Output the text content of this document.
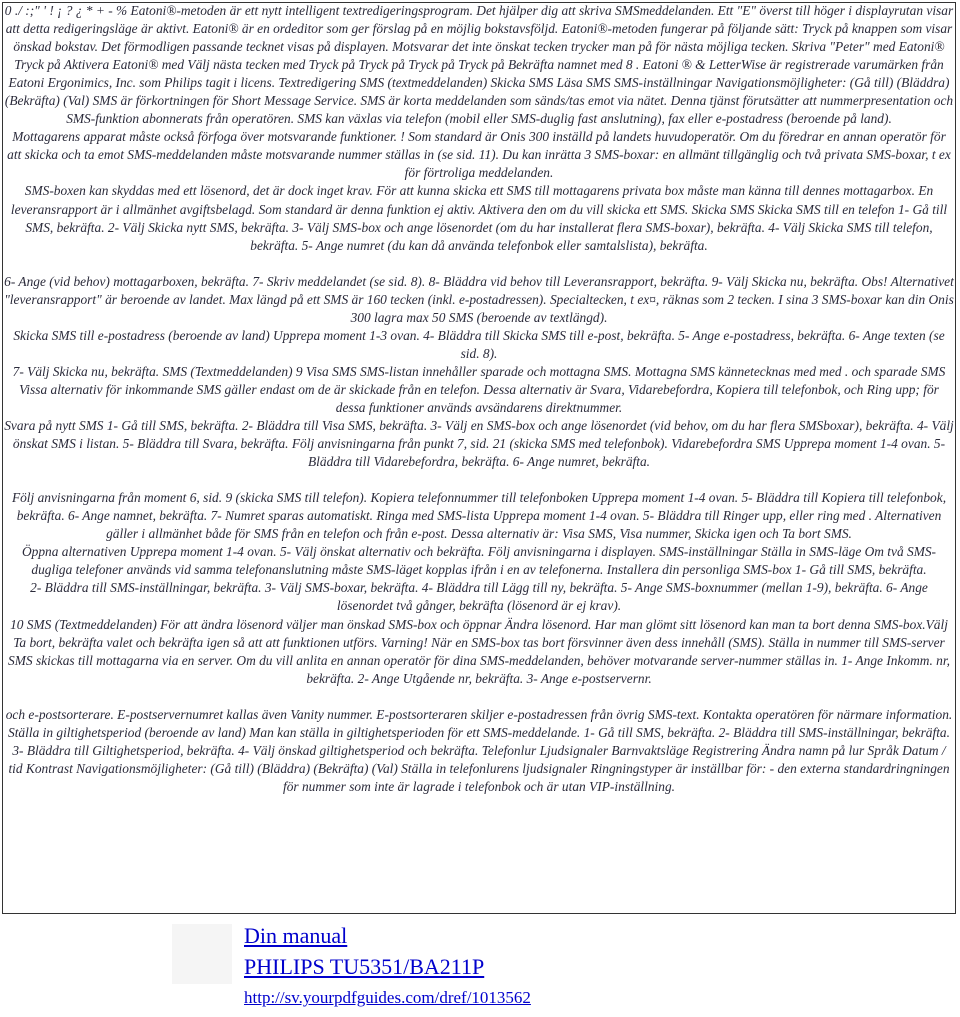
0 ./ :;" ' ! ¡ ? ¿ * + - % Eatoni®-metoden är ett nytt intelligent textredigeringsprogram. Det hjälper dig att skriva SMSmeddelanden. Ett "E" överst till höger i displayrutan visar att detta redigeringsläge är aktivt. Eatoni® är en ordeditor som ger förslag på en möjlig bokstavsföljd. Eatoni®-metoden fungerar på följande sätt: Tryck på knappen som visar önskad bokstav. Det förmodligen passande tecknet visas på displayen. Motsvarar det inte önskat tecken trycker man på för nästa möjliga tecken. Skriva "Peter" med Eatoni® Tryck på Aktivera Eatoni® med Välj nästa tecken med Tryck på Tryck på Tryck på Tryck på Bekräfta namnet med 8 . Eatoni ® & LetterWise är registrerade varumärken från Eatoni Ergonimics, Inc. som Philips tagit i licens. Textredigering SMS (textmeddelanden) Skicka SMS Läsa SMS SMS-inställningar Navigationsmöjligheter: (Gå till) (Bläddra) (Bekräfta) (Val) SMS är förkortningen för Short Message Service. SMS är korta meddelanden som sänds/tas emot via nätet. Denna tjänst förutsätter att nummerpresentation och SMS-funktion abonnerats från operatören. SMS kan växlas via telefon (mobil eller SMS-duglig fast anslutning), fax eller e-postadress (beroende på land).

Mottagarens apparat måste också förfoga över motsvarande funktioner. ! Som standard är Onis 300 inställd på landets huvudoperatör. Om du föredrar en annan operatör för att skicka och ta emot SMS-meddelanden måste motsvarande nummer ställas in (se sid. 11). Du kan inrätta 3 SMS-boxar: en allmänt tillgänglig och två privata SMS-boxar, t ex för förtroliga meddelanden.

SMS-boxen kan skyddas med ett lösenord, det är dock inget krav. För att kunna skicka ett SMS till mottagarens privata box måste man känna till dennes mottagarbox. En leveransrapport är i allmänhet avgiftsbelagd. Som standard är denna funktion ej aktiv. Aktivera den om du vill skicka ett SMS. Skicka SMS Skicka SMS till en telefon 1- Gå till SMS, bekräfta. 2- Välj Skicka nytt SMS, bekräfta. 3- Välj SMS-box och ange lösenordet (om du har installerat flera SMS-boxar), bekräfta. 4- Välj Skicka SMS till telefon, bekräfta. 5- Ange numret (du kan då använda telefonbok eller samtalslista), bekräfta.

6- Ange (vid behov) mottagarboxen, bekräfta. 7- Skriv meddelandet (se sid. 8). 8- Bläddra vid behov till Leveransrapport, bekräfta. 9- Välj Skicka nu, bekräfta. Obs! Alternativet "leveransrapport" är beroende av landet. Max längd på ett SMS är 160 tecken (inkl. e-postadressen). Specialtecken, t ex¤, räknas som 2 tecken. I sina 3 SMS-boxar kan din Onis 300 lagra max 50 SMS (beroende av textlängd).

Skicka SMS till e-postadress (beroende av land) Upprepa moment 1-3 ovan. 4- Bläddra till Skicka SMS till e-post, bekräfta. 5- Ange e-postadress, bekräfta. 6- Ange texten (se sid. 8).

7- Välj Skicka nu, bekräfta. SMS (Textmeddelanden) 9 Visa SMS SMS-listan innehåller sparade och mottagna SMS. Mottagna SMS kännetecknas med med . och sparade SMS Vissa alternativ för inkommande SMS gäller endast om de är skickade från en telefon. Dessa alternativ är Svara, Vidarebefordra, Kopiera till telefonbok, och Ring upp; för dessa funktioner används avsändarens direktnummer.

Svara på nytt SMS 1- Gå till SMS, bekräfta. 2- Bläddra till Visa SMS, bekräfta. 3- Välj en SMS-box och ange lösenordet (vid behov, om du har flera SMSboxar), bekräfta. 4- Välj önskat SMS i listan. 5- Bläddra till Svara, bekräfta. Följ anvisningarna från punkt 7, sid. 21 (skicka SMS med telefonbok). Vidarebefordra SMS Upprepa moment 1-4 ovan. 5- Bläddra till Vidarebefordra, bekräfta. 6- Ange numret, bekräfta.

Följ anvisningarna från moment 6, sid. 9 (skicka SMS till telefon). Kopiera telefonnummer till telefonboken Upprepa moment 1-4 ovan. 5- Bläddra till Kopiera till telefonbok, bekräfta. 6- Ange namnet, bekräfta. 7- Numret sparas automatiskt. Ringa med SMS-lista Upprepa moment 1-4 ovan. 5- Bläddra till Ringer upp, eller ring med . Alternativen gäller i allmänhet både för SMS från en telefon och från e-post. Dessa alternativ är: Visa SMS, Visa nummer, Skicka igen och Ta bort SMS.

Öppna alternativen Upprepa moment 1-4 ovan. 5- Välj önskat alternativ och bekräfta. Följ anvisningarna i displayen. SMS-inställningar Ställa in SMS-läge Om två SMS-dugliga telefoner används vid samma telefonanslutning måste SMS-läget kopplas ifrån i en av telefonerna. Installera din personliga SMS-box 1- Gå till SMS, bekräfta.

2- Bläddra till SMS-inställningar, bekräfta. 3- Välj SMS-boxar, bekräfta. 4- Bläddra till Lägg till ny, bekräfta. 5- Ange SMS-boxnummer (mellan 1-9), bekräfta. 6- Ange lösenordet två gånger, bekräfta (lösenord är ej krav).

10 SMS (Textmeddelanden) För att ändra lösenord väljer man önskad SMS-box och öppnar Ändra lösenord. Har man glömt sitt lösenord kan man ta bort denna SMS-box.Välj Ta bort, bekräfta valet och bekräfta igen så att att funktionen utförs. Varning! När en SMS-box tas bort försvinner även dess innehåll (SMS). Ställa in nummer till SMS-server SMS skickas till mottagarna via en server. Om du vill anlita en annan operatör för dina SMS-meddelanden, behöver motvarande server-nummer ställas in. 1- Ange Inkomm. nr, bekräfta. 2- Ange Utgående nr, bekräfta. 3- Ange e-postservernr.

och e-postsorterare. E-postservernumret kallas även Vanity nummer. E-postsorteraren skiljer e-postadressen från övrig SMS-text. Kontakta operatören för närmare information. Ställa in giltighetsperiod (beroende av land) Man kan ställa in giltighetsperioden för ett SMS-meddelande. 1- Gå till SMS, bekräfta. 2- Bläddra till SMS-inställningar, bekräfta. 3- Bläddra till Giltighetsperiod, bekräfta. 4- Välj önskad giltighetsperiod och bekräfta. Telefonlur Ljudsignaler Barnvaktsläge Registrering Ändra namn på lur Språk Datum / tid Kontrast Navigationsmöjligheter: (Gå till) (Bläddra) (Bekräfta) (Val) Ställa in telefonlurens ljudsignaler Ringningstyper är inställbar för: - den externa standardringningen för nummer som inte är lagrade i telefonbok och är utan VIP-inställning.

Din manual
PHILIPS TU5351/BA211P
http://sv.yourpdfguides.com/dref/1013562
